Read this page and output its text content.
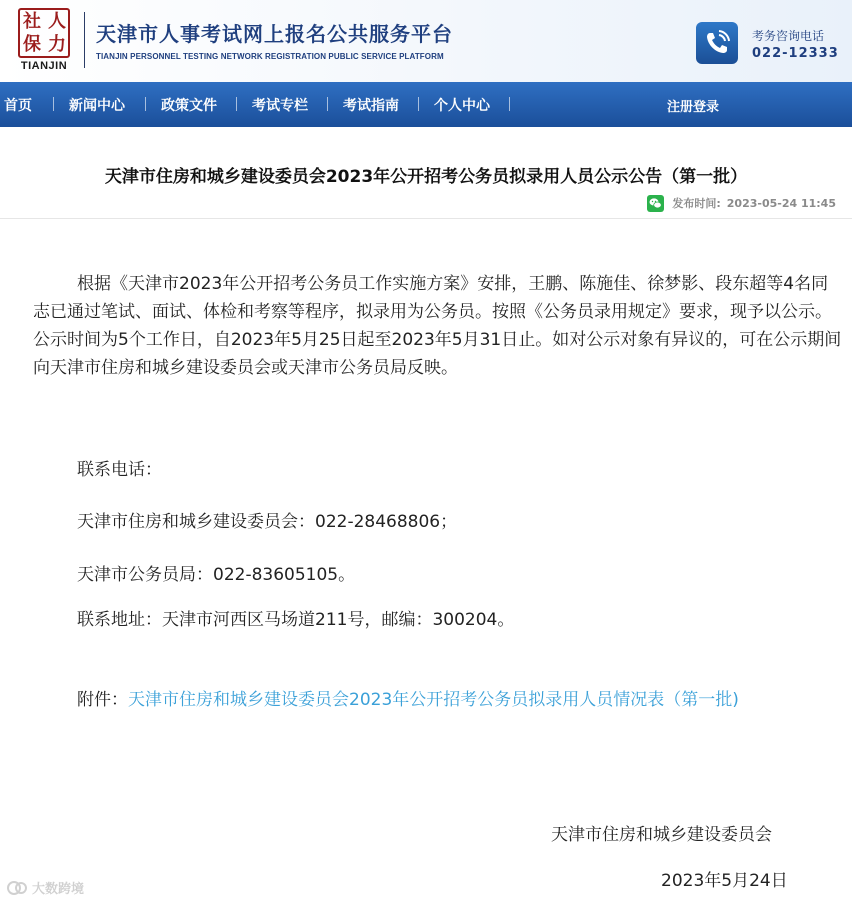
社 人
保 力
TIANJIN
天津市人事考试网上报名公共服务平台
TIANJIN PERSONNEL TESTING NETWORK REGISTRATION PUBLIC SERVICE PLATFORM
考务咨询电话
022-12333
首页	新闻中心	政策文件	考试专栏	考试指南	个人中心	注册登录
天津市住房和城乡建设委员会2023年公开招考公务员拟录用人员公示公告（第一批）
发布时间: 2023-05-24 11:45
根据《天津市2023年公开招考公务员工作实施方案》安排，王鹏、陈施佳、徐梦影、段东超等4名同志已通过笔试、面试、体检和考察等程序，拟录用为公务员。按照《公务员录用规定》要求，现予以公示。公示时间为5个工作日，自2023年5月25日起至2023年5月31日止。如对公示对象有异议的，可在公示期间向天津市住房和城乡建设委员会或天津市公务员局反映。
联系电话：
天津市住房和城乡建设委员会：022-28468806；
天津市公务员局：022-83605105。
联系地址：天津市河西区马场道211号，邮编：300204。
附件：天津市住房和城乡建设委员会2023年公开招考公务员拟录用人员情况表（第一批)
天津市住房和城乡建设委员会
2023年5月24日
大数跨境
